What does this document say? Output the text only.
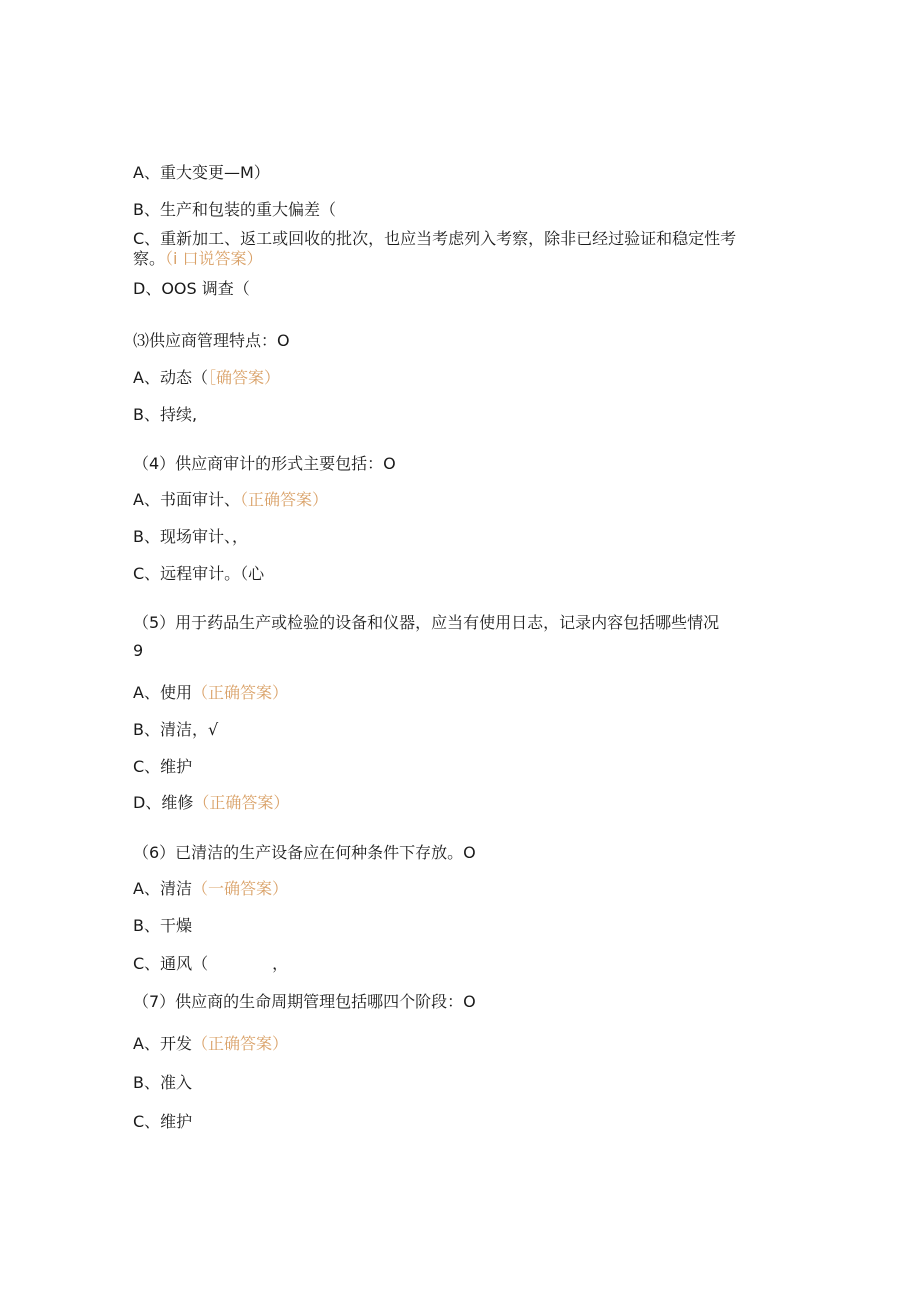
A、重大变更—M）
B、生产和包装的重大偏差（
C、重新加工、返工或回收的批次，也应当考虑列入考察，除非已经过验证和稳定性考
察。（i 口说答案）
D、OOS 调查（
⑶供应商管理特点：O
A、动态（［确答案）
B、持续,
（4）供应商审计的形式主要包括：O
A、书面审计、（正确答案）
B、现场审计、，
C、远程审计。（心
（5）用于药品生产或检验的设备和仪器，应当有使用日志，记录内容包括哪些情况
9
A、使用（正确答案）
B、清洁，√
C、维护
D、维修（正确答案）
（6）已清洁的生产设备应在何种条件下存放。O
A、清洁（一确答案）
B、干燥
C、通风（　　　　，
（7）供应商的生命周期管理包括哪四个阶段：O
A、开发（正确答案）
B、准入
C、维护
